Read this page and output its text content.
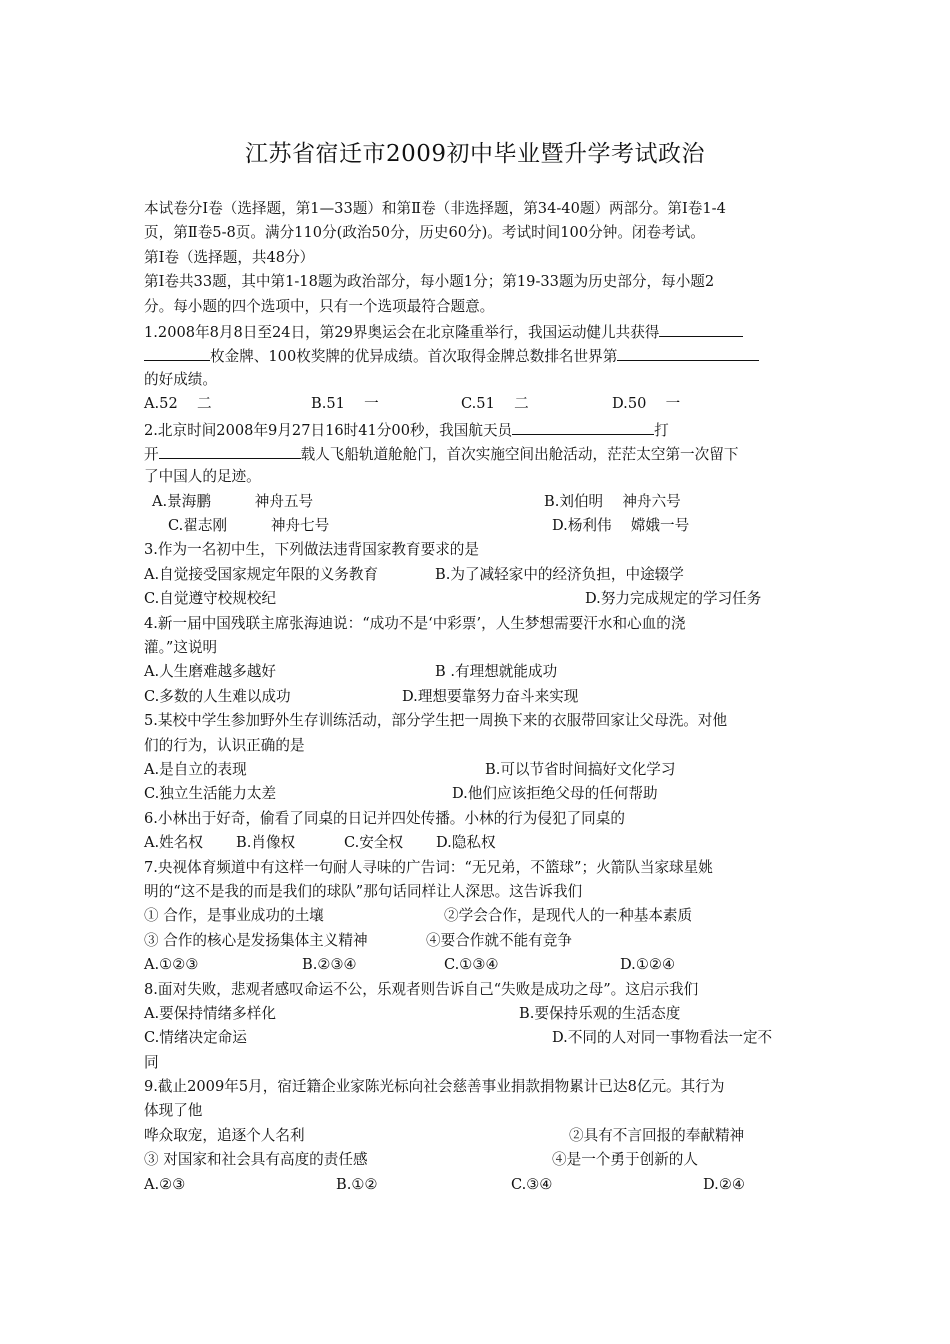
江苏省宿迁市2009初中毕业暨升学考试政治
本试卷分Ⅰ卷（选择题，第1—33题）和第Ⅱ卷（非选择题，第34-40题）两部分。第Ⅰ卷1-4
页，第Ⅱ卷5-8页。满分110分(政治50分，历史60分)。考试时间100分钟。闭卷考试。
第Ⅰ卷（选择题，共48分）
第Ⅰ卷共33题，其中第1-18题为政治部分，每小题1分；第19-33题为历史部分，每小题2
分。每小题的四个选项中，只有一个选项最符合题意。
1.2008年8月8日至24日，第29界奥运会在北京隆重举行，我国运动健儿共获得
枚金牌、100枚奖牌的优异成绩。首次取得金牌总数排名世界第
的好成绩。
A.52　 二	B.51　 一	C.51　 二	D.50　 一
2.北京时间2008年9月27日16时41分00秒，我国航天员	打
开	载人飞船轨道舱舱门，首次实施空间出舱活动，茫茫太空第一次留下
了中国人的足迹。
A.景海鹏　　　神舟五号	B.刘伯明　 神舟六号
C.翟志刚　　　神舟七号	D.杨利伟　 嫦娥一号
3.作为一名初中生，下列做法违背国家教育要求的是
A.自觉接受国家规定年限的义务教育	B.为了减轻家中的经济负担，中途辍学
C.自觉遵守校规校纪	D.努力完成规定的学习任务
4.新一届中国残联主席张海迪说：“成功不是‘中彩票’，人生梦想需要汗水和心血的浇
灌。”这说明
A.人生磨难越多越好	B .有理想就能成功
C.多数的人生难以成功	D.理想要靠努力奋斗来实现
5.某校中学生参加野外生存训练活动，部分学生把一周换下来的衣服带回家让父母洗。对他
们的行为，认识正确的是
A.是自立的表现	B.可以节省时间搞好文化学习
C.独立生活能力太差	D.他们应该拒绝父母的任何帮助
6.小林出于好奇，偷看了同桌的日记并四处传播。小林的行为侵犯了同桌的
A.姓名权 B.肖像权	C.安全权 D.隐私权
7.央视体育频道中有这样一句耐人寻味的广告词：“无兄弟，不篮球”；火箭队当家球星姚
明的“这不是我的而是我们的球队”那句话同样让人深思。这告诉我们
① 合作，是事业成功的土壤	②学会合作，是现代人的一种基本素质
③ 合作的核心是发扬集体主义精神	④要合作就不能有竞争
A.①②③	B.②③④	C.①③④	D.①②④
8.面对失败，悲观者感叹命运不公，乐观者则告诉自己“失败是成功之母”。这启示我们
A.要保持情绪多样化	B.要保持乐观的生活态度
C.情绪决定命运	D.不同的人对同一事物看法一定不
同
9.截止2009年5月，宿迁籍企业家陈光标向社会慈善事业捐款捐物累计已达8亿元。其行为
体现了他
哗众取宠，追逐个人名利	②具有不言回报的奉献精神
③ 对国家和社会具有高度的责任感	④是一个勇于创新的人
A.②③	B.①②	C.③④	D.②④
